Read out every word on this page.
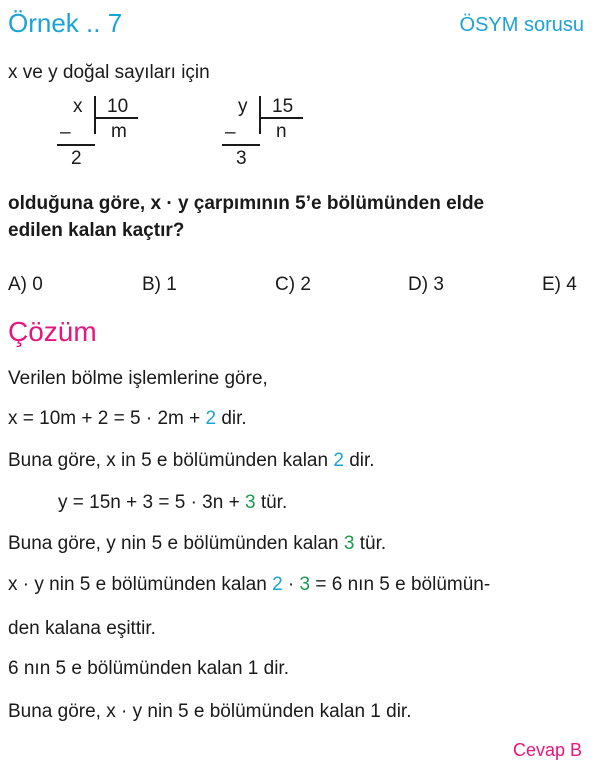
Örnek .. 7	ÖSYM sorusu
x ve y doğal sayıları için
x 10
m
–
2
y 15
n
–
3
olduğuna göre, x · y çarpımının 5’e bölümünden elde
edilen kalan kaçtır?
A) 0	B) 1	C) 2	D) 3	E) 4
Çözüm
Verilen bölme işlemlerine göre,
x = 10m + 2 = 5 · 2m + 2 dir.
Buna göre, x in 5 e bölümünden kalan 2 dir.
y = 15n + 3 = 5 · 3n + 3 tür.
Buna göre, y nin 5 e bölümünden kalan 3 tür.
x · y nin 5 e bölümünden kalan 2 · 3 = 6 nın 5 e bölümün-
den kalana eşittir.
6 nın 5 e bölümünden kalan 1 dir.
Buna göre, x · y nin 5 e bölümünden kalan 1 dir.
Cevap B
